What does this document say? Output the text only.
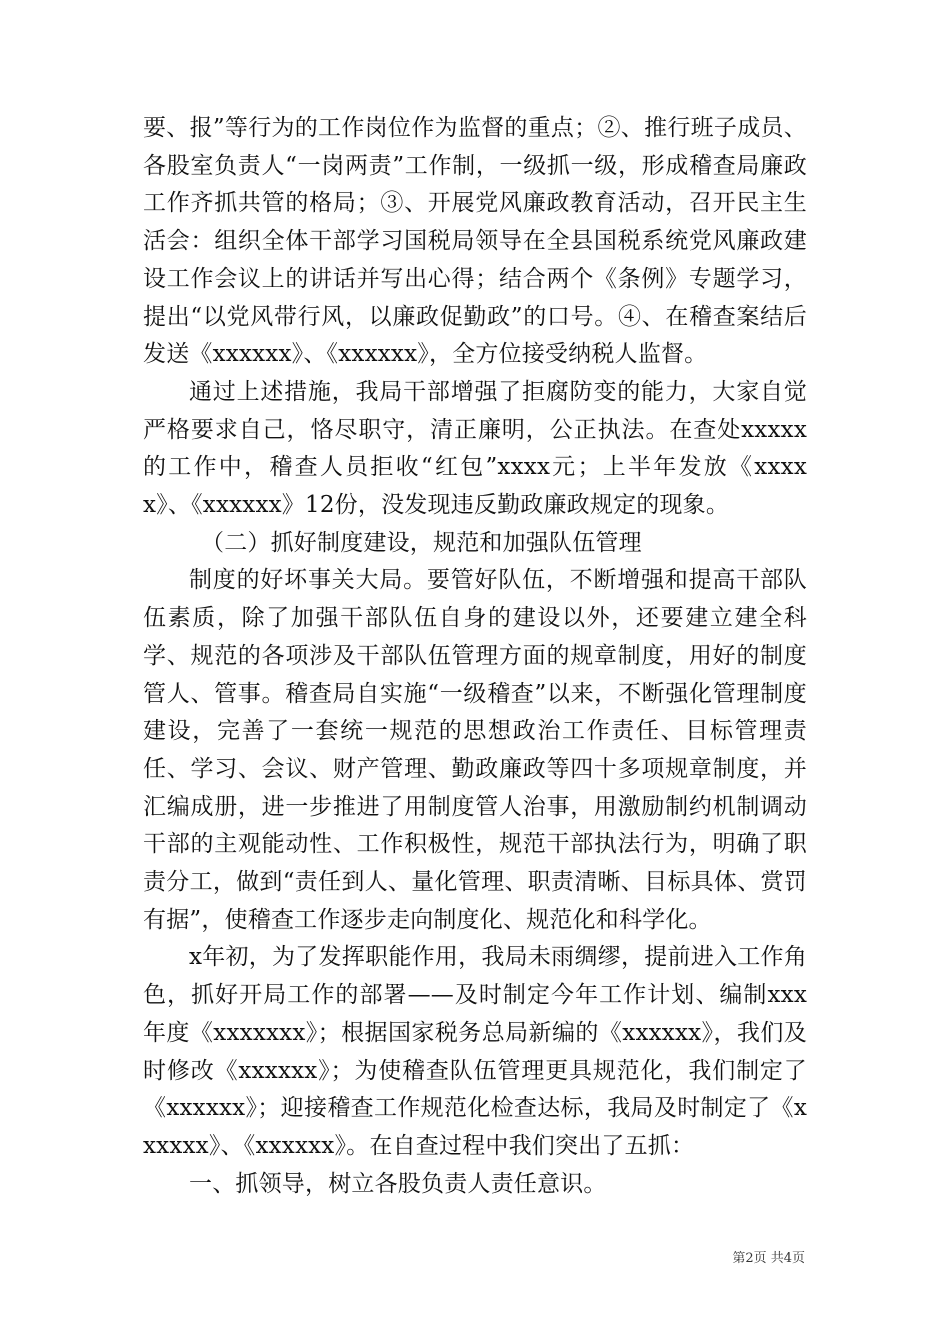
要、报”等行为的工作岗位作为监督的重点；②、推行班子成员、各股室负责人“一岗两责”工作制，一级抓一级，形成稽查局廉政工作齐抓共管的格局；③、开展党风廉政教育活动，召开民主生活会：组织全体干部学习国税局领导在全县国税系统党风廉政建设工作会议上的讲话并写出心得；结合两个《条例》专题学习，提出“以党风带行风，以廉政促勤政”的口号。④、在稽查案结后发送《xxxxxx》、《xxxxxx》，全方位接受纳税人监督。

通过上述措施，我局干部增强了拒腐防变的能力，大家自觉严格要求自己，恪尽职守，清正廉明，公正执法。在查处xxxxx的工作中，稽查人员拒收“红包”xxxx元；上半年发放《xxxxx》、《xxxxxx》12份，没发现违反勤政廉政规定的现象。

（二）抓好制度建设，规范和加强队伍管理

制度的好坏事关大局。要管好队伍，不断增强和提高干部队伍素质，除了加强干部队伍自身的建设以外，还要建立建全科学、规范的各项涉及干部队伍管理方面的规章制度，用好的制度管人、管事。稽查局自实施“一级稽查”以来，不断强化管理制度建设，完善了一套统一规范的思想政治工作责任、目标管理责任、学习、会议、财产管理、勤政廉政等四十多项规章制度，并汇编成册，进一步推进了用制度管人治事，用激励制约机制调动干部的主观能动性、工作积极性，规范干部执法行为，明确了职责分工，做到“责任到人、量化管理、职责清晰、目标具体、赏罚有据”，使稽查工作逐步走向制度化、规范化和科学化。

x年初，为了发挥职能作用，我局未雨绸缪，提前进入工作角色，抓好开局工作的部署——及时制定今年工作计划、编制xxx年度《xxxxxxx》；根据国家税务总局新编的《xxxxxx》，我们及时修改《xxxxxx》；为使稽查队伍管理更具规范化，我们制定了《xxxxxx》；迎接稽查工作规范化检查达标，我局及时制定了《xxxxxx》、《xxxxxx》。在自查过程中我们突出了五抓：

一、抓领导，树立各股负责人责任意识。

第2页 共4页
